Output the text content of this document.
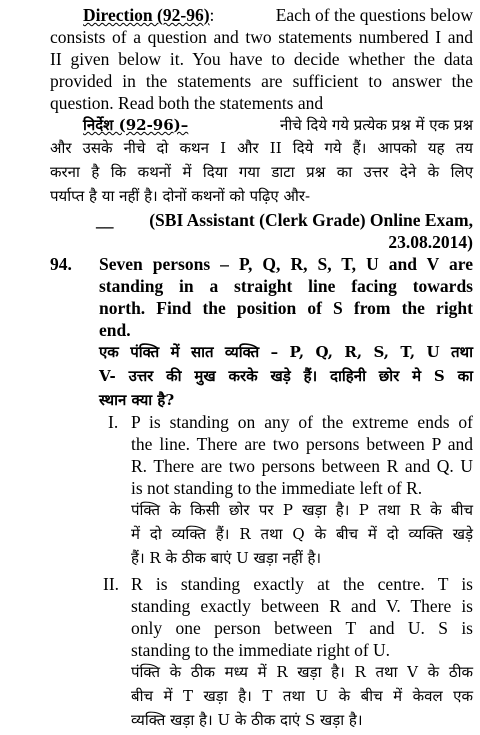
Direction (92-96):	Each of the questions below
consists of a question and two statements numbered I and
II given below it. You have to decide whether the data
provided in the statements are sufficient to answer the
question. Read both the statements and
निर्देश (92-96)–	नीचे दिये गये प्रत्येक प्रश्न में एक प्रश्न
और उसके नीचे दो कथन I और II दिये गये हैं। आपको यह तय
करना है कि कथनों में दिया गया डाटा प्रश्न का उत्तर देने के लिए
पर्याप्त है या नहीं है। दोनों कथनों को पढ़िए और-
__ (SBI Assistant (Clerk Grade) Online Exam,
23.08.2014)
94. Seven persons – P, Q, R, S, T, U and V are
standing in a straight line facing towards
north. Find the position of S from the right
end.
एक पंक्ति में सात व्यक्ति – P, Q, R, S, T, U तथा
V- उत्तर की मुख करके खड़े हैं। दाहिनी छोर मे S का
स्थान क्या है?
I. P is standing on any of the extreme ends of
the line. There are two persons between P and
R. There are two persons between R and Q. U
is not standing to the immediate left of R.
पंक्ति के किसी छोर पर P खड़ा है। P तथा R के बीच
में दो व्यक्ति हैं। R तथा Q के बीच में दो व्यक्ति खड़े
हैं। R के ठीक बाएं U खड़ा नहीं है।
II. R is standing exactly at the centre. T is
standing exactly between R and V. There is
only one person between T and U. S is
standing to the immediate right of U.
पंक्ति के ठीक मध्य में R खड़ा है। R तथा V के ठीक
बीच में T खड़ा है। T तथा U के बीच में केवल एक
व्यक्ति खड़ा है। U के ठीक दाएं S खड़ा है।
